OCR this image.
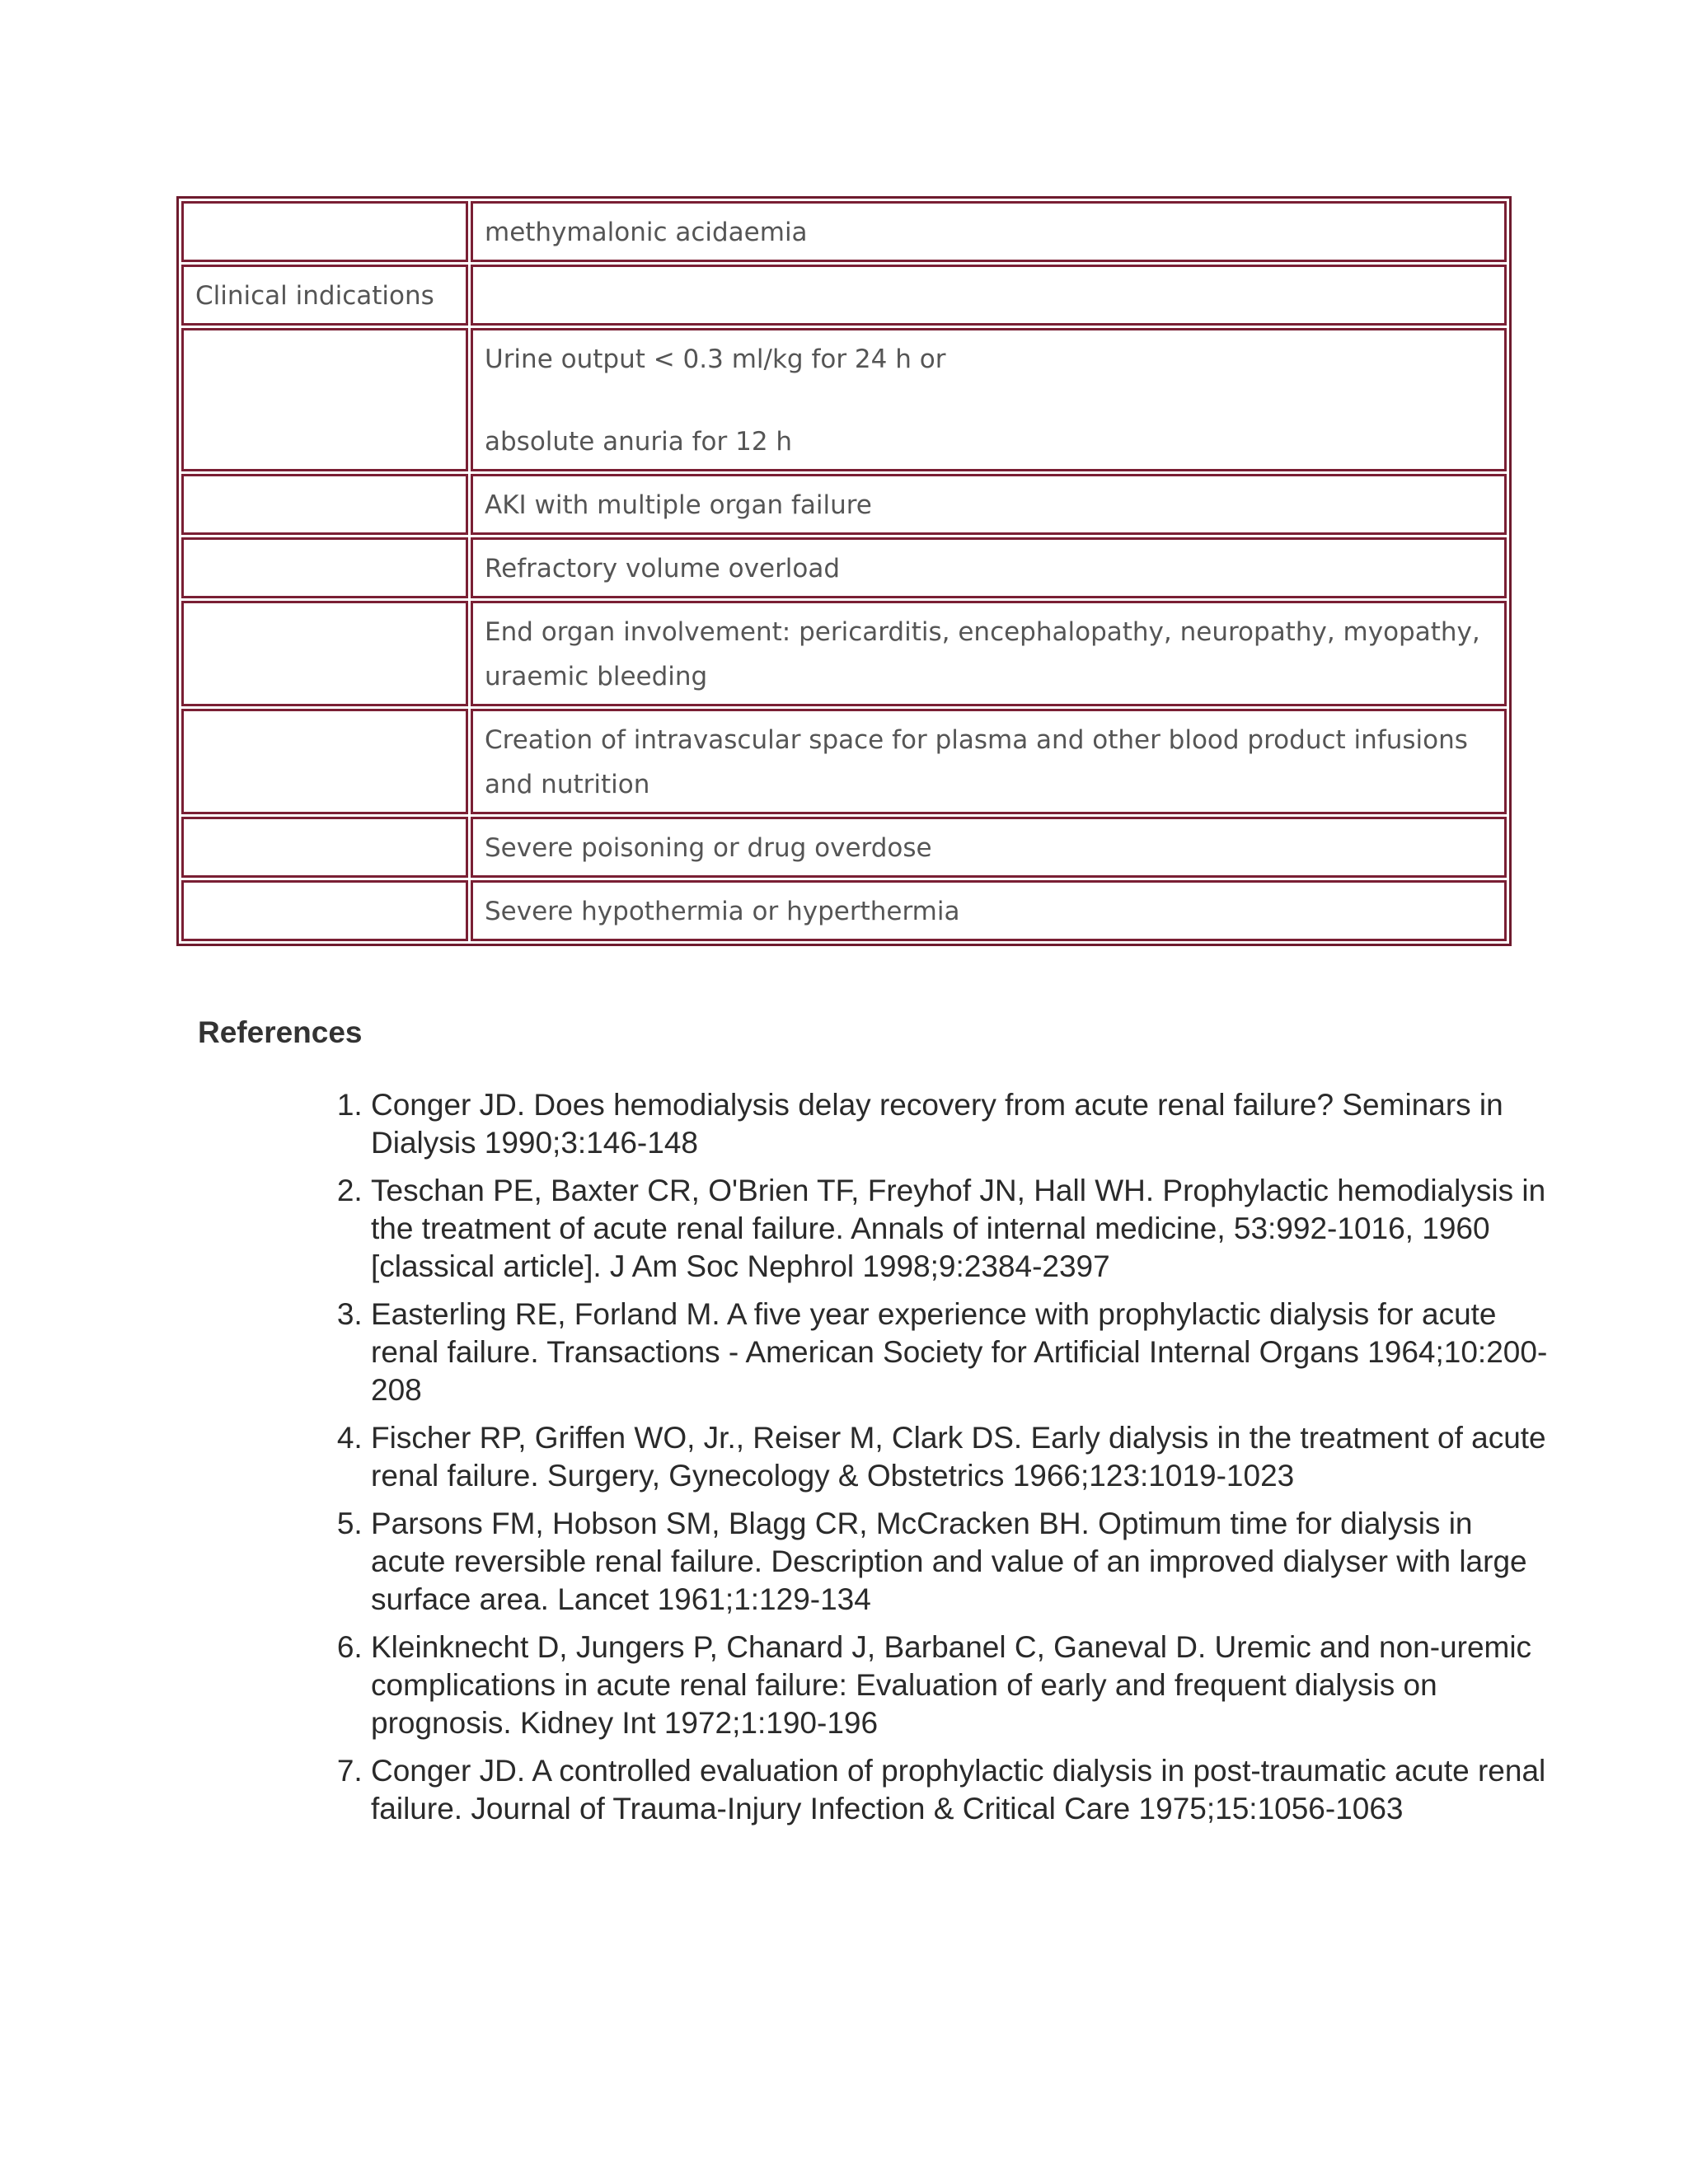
	methymalonic acidaemia

Clinical indications	

	Urine output < 0.3 ml/kg for 24 h or
absolute anuria for 12 h

	AKI with multiple organ failure

	Refractory volume overload

	End organ involvement: pericarditis, encephalopathy, neuropathy, myopathy, uraemic bleeding

	Creation of intravascular space for plasma and other blood product infusions and nutrition

	Severe poisoning or drug overdose

	Severe hypothermia or hyperthermia
References
1. Conger JD. Does hemodialysis delay recovery from acute renal failure? Seminars in Dialysis 1990;3:146-148
2. Teschan PE, Baxter CR, O'Brien TF, Freyhof JN, Hall WH. Prophylactic hemodialysis in the treatment of acute renal failure. Annals of internal medicine, 53:992-1016, 1960 [classical article]. J Am Soc Nephrol 1998;9:2384-2397
3. Easterling RE, Forland M. A five year experience with prophylactic dialysis for acute renal failure. Transactions - American Society for Artificial Internal Organs 1964;10:200-208
4. Fischer RP, Griffen WO, Jr., Reiser M, Clark DS. Early dialysis in the treatment of acute renal failure. Surgery, Gynecology & Obstetrics 1966;123:1019-1023
5. Parsons FM, Hobson SM, Blagg CR, McCracken BH. Optimum time for dialysis in acute reversible renal failure. Description and value of an improved dialyser with large surface area. Lancet 1961;1:129-134
6. Kleinknecht D, Jungers P, Chanard J, Barbanel C, Ganeval D. Uremic and non-uremic complications in acute renal failure: Evaluation of early and frequent dialysis on prognosis. Kidney Int 1972;1:190-196
7. Conger JD. A controlled evaluation of prophylactic dialysis in post-traumatic acute renal failure. Journal of Trauma-Injury Infection & Critical Care 1975;15:1056-1063
